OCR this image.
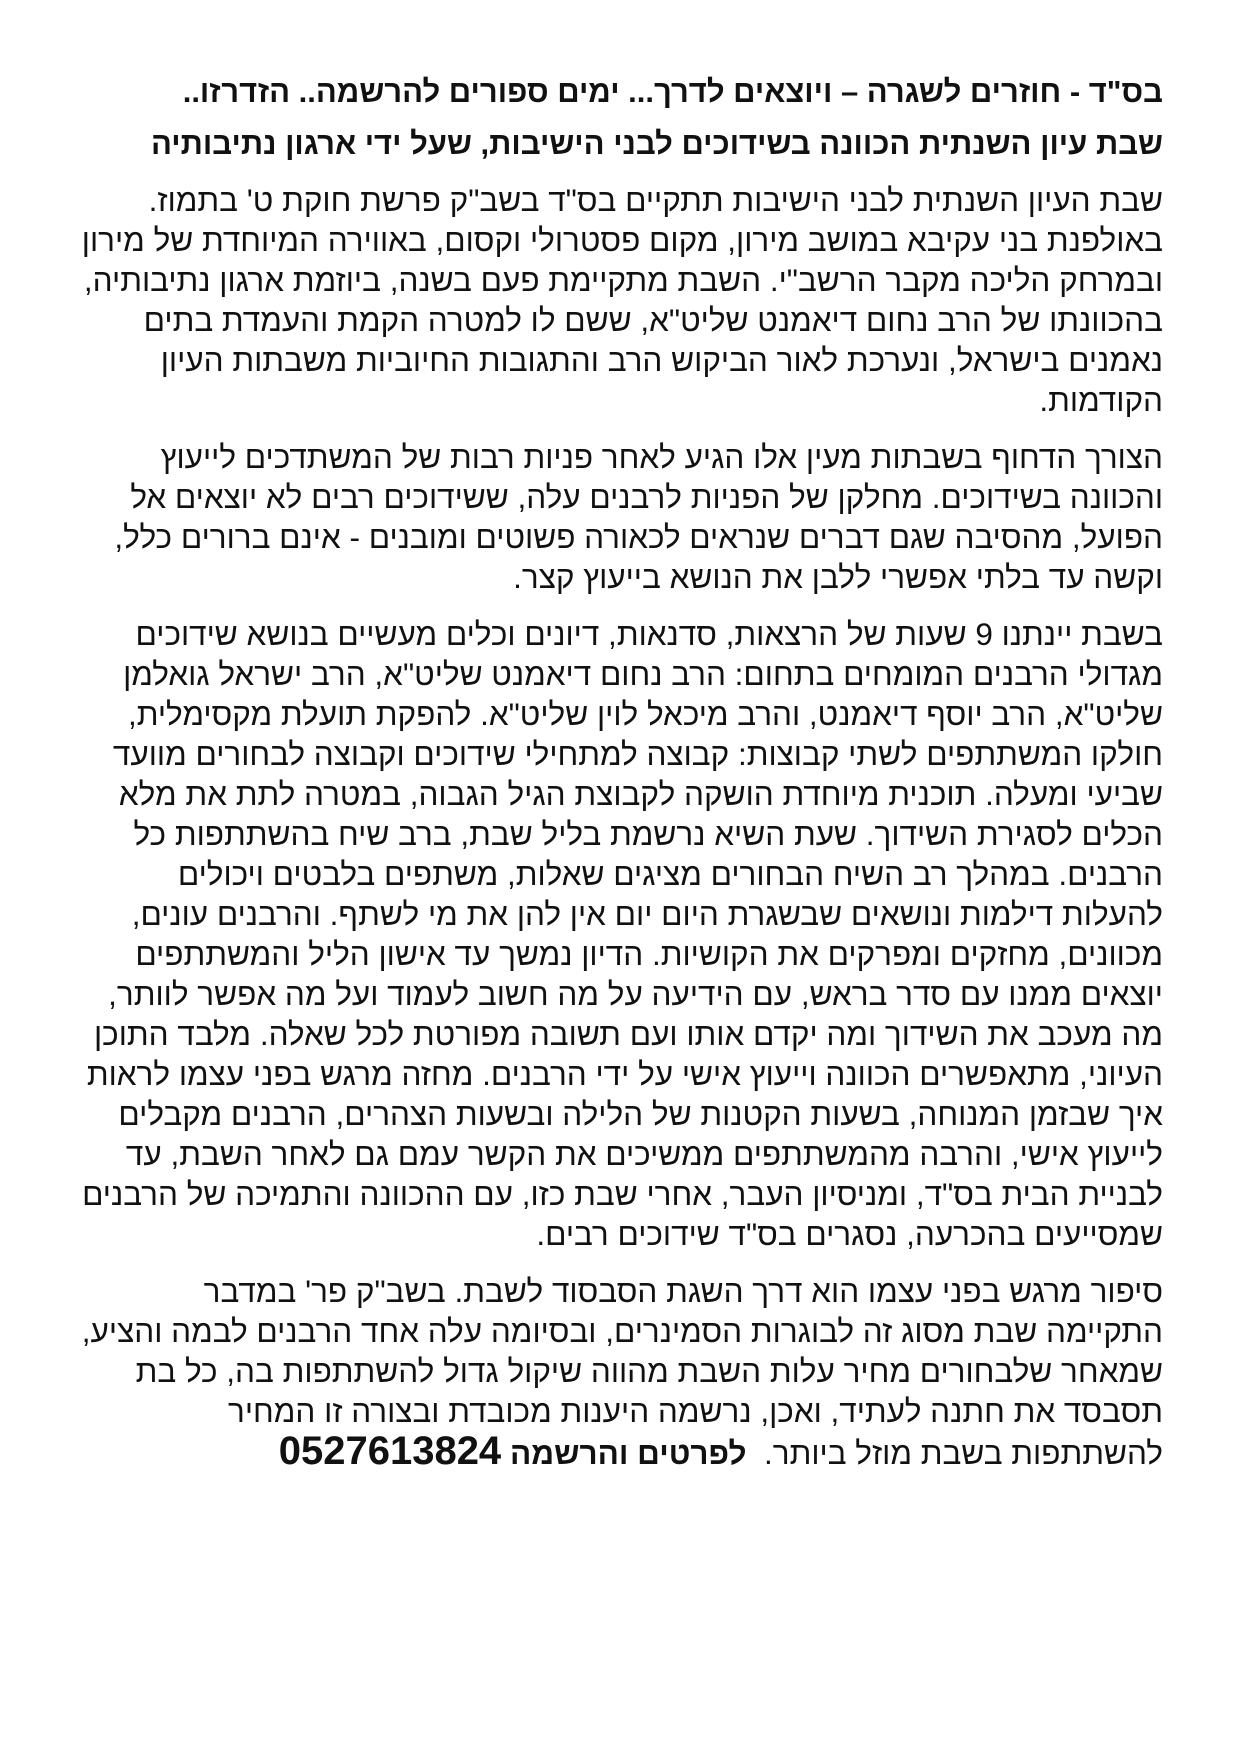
בס"ד - חוזרים לשגרה – ויוצאים לדרך... ימים ספורים להרשמה.. הזדרזו..
שבת עיון השנתית הכוונה בשידוכים לבני הישיבות, שעל ידי ארגון נתיבותיה

שבת העיון השנתית לבני הישיבות תתקיים בס"ד בשב"ק פרשת חוקת ט' בתמוז. באולפנת בני עקיבא במושב מירון, מקום פסטרולי וקסום, באווירה המיוחדת של מירון ובמרחק הליכה מקבר הרשב"י. השבת מתקיימת פעם בשנה, ביוזמת ארגון נתיבותיה, בהכוונתו של הרב נחום דיאמנט שליט"א, ששם לו למטרה הקמת והעמדת בתים נאמנים בישראל, ונערכת לאור הביקוש הרב והתגובות החיוביות משבתות העיון הקודמות.

הצורך הדחוף בשבתות מעין אלו הגיע לאחר פניות רבות של המשתדכים לייעוץ והכוונה בשידוכים. מחלקן של הפניות לרבנים עלה, ששידוכים רבים לא יוצאים אל הפועל, מהסיבה שגם דברים שנראים לכאורה פשוטים ומובנים - אינם ברורים כלל, וקשה עד בלתי אפשרי ללבן את הנושא בייעוץ קצר.

בשבת יינתנו 9 שעות של הרצאות, סדנאות, דיונים וכלים מעשיים בנושא שידוכים מגדולי הרבנים המומחים בתחום: הרב נחום דיאמנט שליט"א, הרב ישראל גואלמן שליט"א, הרב יוסף דיאמנט, והרב מיכאל לוין שליט"א. להפקת תועלת מקסימלית, חולקו המשתתפים לשתי קבוצות: קבוצה למתחילי שידוכים וקבוצה לבחורים מוועד שביעי ומעלה. תוכנית מיוחדת הושקה לקבוצת הגיל הגבוה, במטרה לתת את מלא הכלים לסגירת השידוך. שעת השיא נרשמת בליל שבת, ברב שיח בהשתתפות כל הרבנים. במהלך רב השיח הבחורים מציגים שאלות, משתפים בלבטים ויכולים להעלות דילמות ונושאים שבשגרת היום יום אין להן את מי לשתף. והרבנים עונים, מכוונים, מחזקים ומפרקים את הקושיות. הדיון נמשך עד אישון הליל והמשתתפים יוצאים ממנו עם סדר בראש, עם הידיעה על מה חשוב לעמוד ועל מה אפשר לוותר, מה מעכב את השידוך ומה יקדם אותו ועם תשובה מפורטת לכל שאלה. מלבד התוכן העיוני, מתאפשרים הכוונה וייעוץ אישי על ידי הרבנים. מחזה מרגש בפני עצמו לראות איך שבזמן המנוחה, בשעות הקטנות של הלילה ובשעות הצהרים, הרבנים מקבלים לייעוץ אישי, והרבה מהמשתתפים ממשיכים את הקשר עמם גם לאחר השבת, עד לבניית הבית בס"ד, ומניסיון העבר, אחרי שבת כזו, עם ההכוונה והתמיכה של הרבנים שמסייעים בהכרעה, נסגרים בס"ד שידוכים רבים.

סיפור מרגש בפני עצמו הוא דרך השגת הסבסוד לשבת. בשב"ק פר' במדבר התקיימה שבת מסוג זה לבוגרות הסמינרים, ובסיומה עלה אחד הרבנים לבמה והציע, שמאחר שלבחורים מחיר עלות השבת מהווה שיקול גדול להשתתפות בה, כל בת תסבסד את חתנה לעתיד, ואכן, נרשמה היענות מכובדת ובצורה זו המחיר להשתתפות בשבת מוזל ביותר.  לפרטים והרשמה 0527613824
